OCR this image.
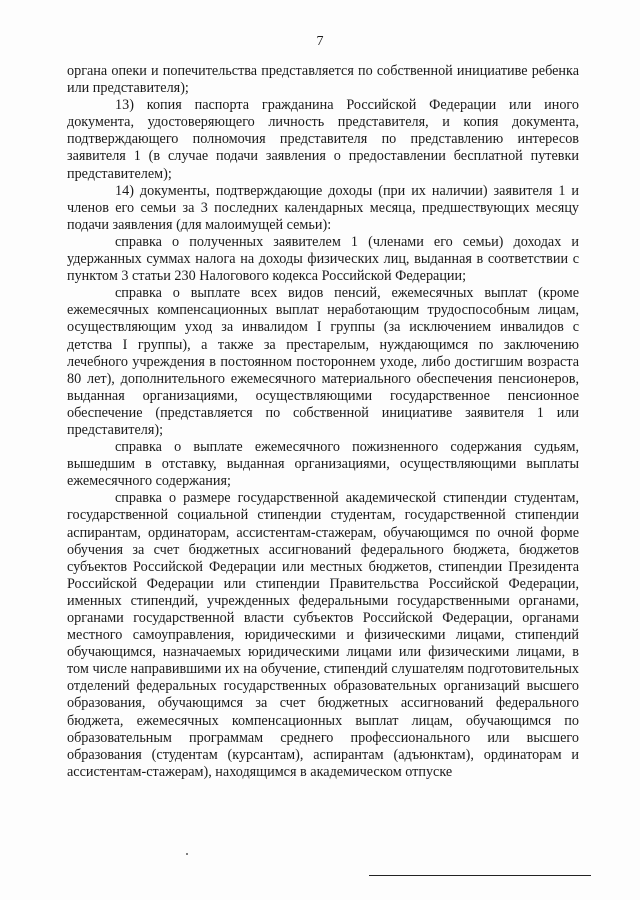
7

органа опеки и попечительства представляется по собственной инициативе ребенка или представителя);

13) копия паспорта гражданина Российской Федерации или иного документа, удостоверяющего личность представителя, и копия документа, подтверждающего полномочия представителя по представлению интересов заявителя 1 (в случае подачи заявления о предоставлении бесплатной путевки представителем);

14) документы, подтверждающие доходы (при их наличии) заявителя 1 и членов его семьи за 3 последних календарных месяца, предшествующих месяцу подачи заявления (для малоимущей семьи):

справка о полученных заявителем 1 (членами его семьи) доходах и удержанных суммах налога на доходы физических лиц, выданная в соответствии с пунктом 3 статьи 230 Налогового кодекса Российской Федерации;

справка о выплате всех видов пенсий, ежемесячных выплат (кроме ежемесячных компенсационных выплат неработающим трудоспособным лицам, осуществляющим уход за инвалидом I группы (за исключением инвалидов с детства I группы), а также за престарелым, нуждающимся по заключению лечебного учреждения в постоянном постороннем уходе, либо достигшим возраста 80 лет), дополнительного ежемесячного материального обеспечения пенсионеров, выданная организациями, осуществляющими государственное пенсионное обеспечение (представляется по собственной инициативе заявителя 1 или представителя);

справка о выплате ежемесячного пожизненного содержания судьям, вышедшим в отставку, выданная организациями, осуществляющими выплаты ежемесячного содержания;

справка о размере государственной академической стипендии студентам, государственной социальной стипендии студентам, государственной стипендии аспирантам, ординаторам, ассистентам-стажерам, обучающимся по очной форме обучения за счет бюджетных ассигнований федерального бюджета, бюджетов субъектов Российской Федерации или местных бюджетов, стипендии Президента Российской Федерации или стипендии Правительства Российской Федерации, именных стипендий, учрежденных федеральными государственными органами, органами государственной власти субъектов Российской Федерации, органами местного самоуправления, юридическими и физическими лицами, стипендий обучающимся, назначаемых юридическими лицами или физическими лицами, в том числе направившими их на обучение, стипендий слушателям подготовительных отделений федеральных государственных образовательных организаций высшего образования, обучающимся за счет бюджетных ассигнований федерального бюджета, ежемесячных компенсационных выплат лицам, обучающимся по образовательным программам среднего профессионального или высшего образования (студентам (курсантам), аспирантам (адъюнктам), ординаторам и ассистентам-стажерам), находящимся в академическом отпуске
